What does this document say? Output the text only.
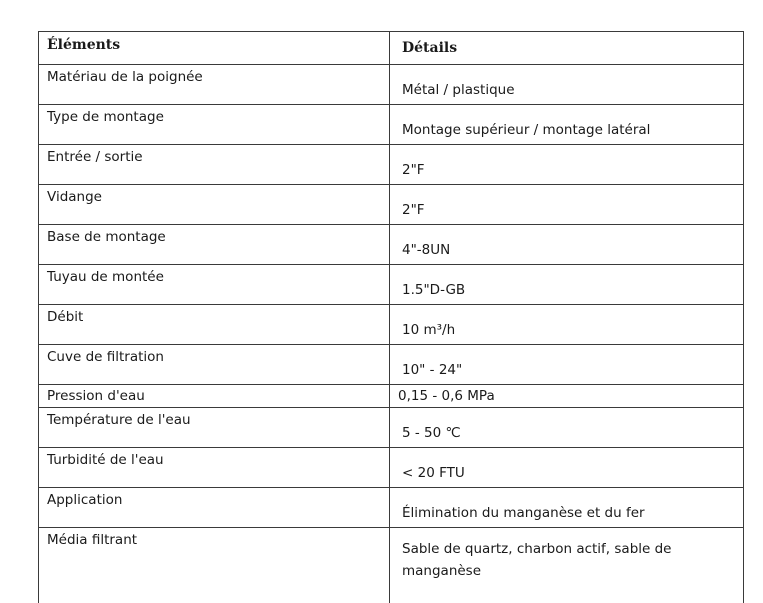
Éléments	Détails
Matériau de la poignée	Métal / plastique
Type de montage	Montage supérieur / montage latéral
Entrée / sortie	2"F
Vidange	2"F
Base de montage	4"-8UN
Tuyau de montée	1.5"D-GB
Débit	10 m³/h
Cuve de filtration	10" - 24"
Pression d'eau	0,15 - 0,6 MPa
Température de l'eau	5 - 50 ℃
Turbidité de l'eau	< 20 FTU
Application	Élimination du manganèse et du fer
Média filtrant	Sable de quartz, charbon actif, sable de manganèse
